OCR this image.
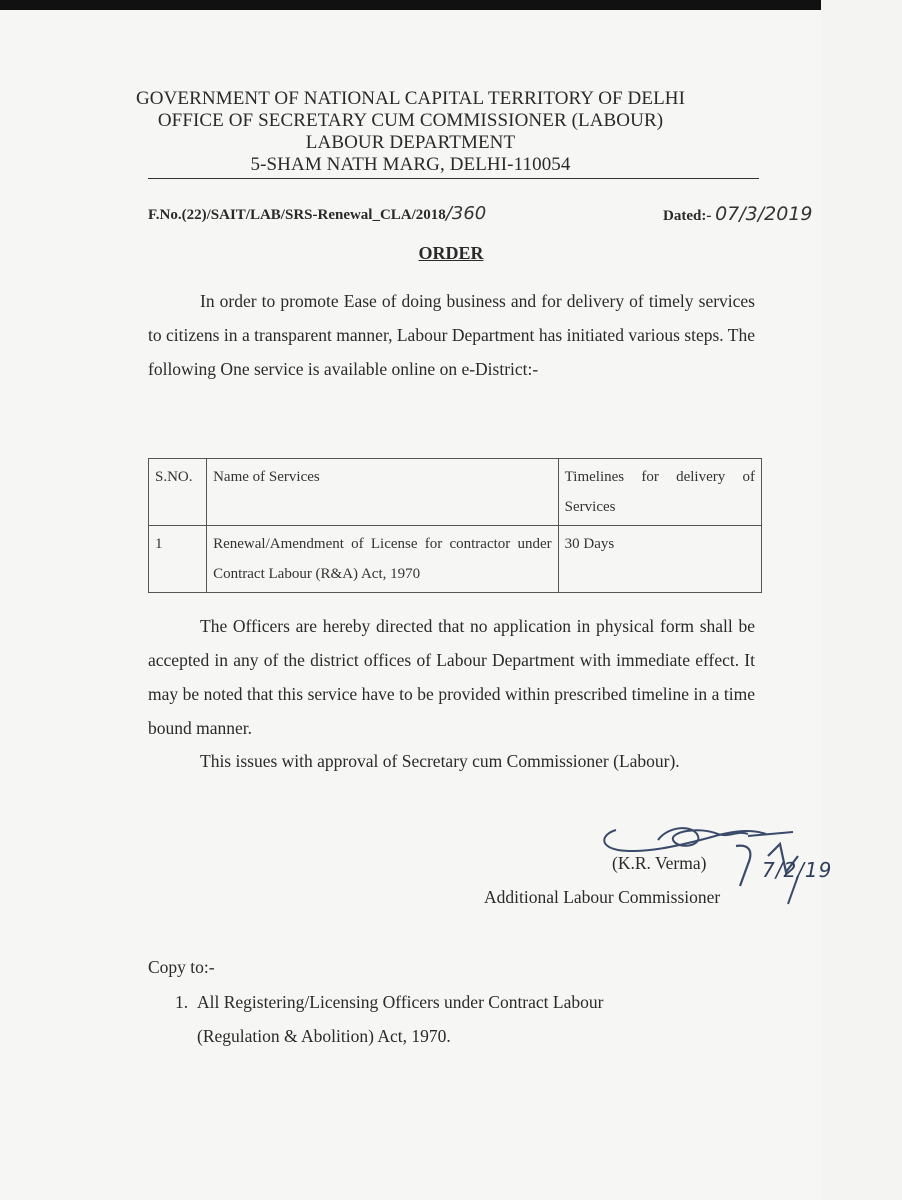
GOVERNMENT OF NATIONAL CAPITAL TERRITORY OF DELHI
OFFICE OF SECRETARY CUM COMMISSIONER (LABOUR)
LABOUR DEPARTMENT
5-SHAM NATH MARG, DELHI-110054
F.No.(22)/SAIT/LAB/SRS-Renewal_CLA/2018/360	Dated:- 07/3/2019
ORDER
In order to promote Ease of doing business and for delivery of timely services to citizens in a transparent manner, Labour Department has initiated various steps. The following One service is available online on e-District:-
S.NO.	Name of Services	Timelines for delivery of Services
1	Renewal/Amendment of License for contractor under Contract Labour (R&A) Act, 1970	30 Days
The Officers are hereby directed that no application in physical form shall be accepted in any of the district offices of Labour Department with immediate effect. It may be noted that this service have to be provided within prescribed timeline in a time bound manner.
This issues with approval of Secretary cum Commissioner (Labour).
(K.R. Verma)
Additional Labour Commissioner
7/2/19
Copy to:-
1. All Registering/Licensing Officers under Contract Labour
(Regulation & Abolition) Act, 1970.
